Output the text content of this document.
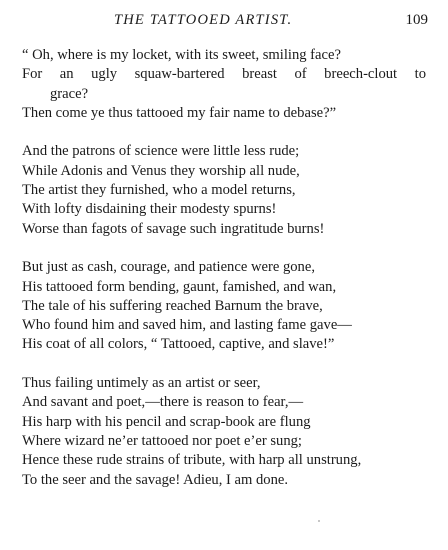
THE TATTOOED ARTIST.	109
“ Oh, where is my locket, with its sweet, smiling face?
For an ugly squaw-bartered breast of breech-clout to
grace?
Then come ye thus tattooed my fair name to debase?”
And the patrons of science were little less rude;
While Adonis and Venus they worship all nude,
The artist they furnished, who a model returns,
With lofty disdaining their modesty spurns!
Worse than fagots of savage such ingratitude burns!
But just as cash, courage, and patience were gone,
His tattooed form bending, gaunt, famished, and wan,
The tale of his suffering reached Barnum the brave,
Who found him and saved him, and lasting fame gave—
His coat of all colors, “ Tattooed, captive, and slave!”
Thus failing untimely as an artist or seer,
And savant and poet,—there is reason to fear,—
His harp with his pencil and scrap-book are flung
Where wizard ne’er tattooed nor poet e’er sung;
Hence these rude strains of tribute, with harp all unstrung,
To the seer and the savage! Adieu, I am done.
